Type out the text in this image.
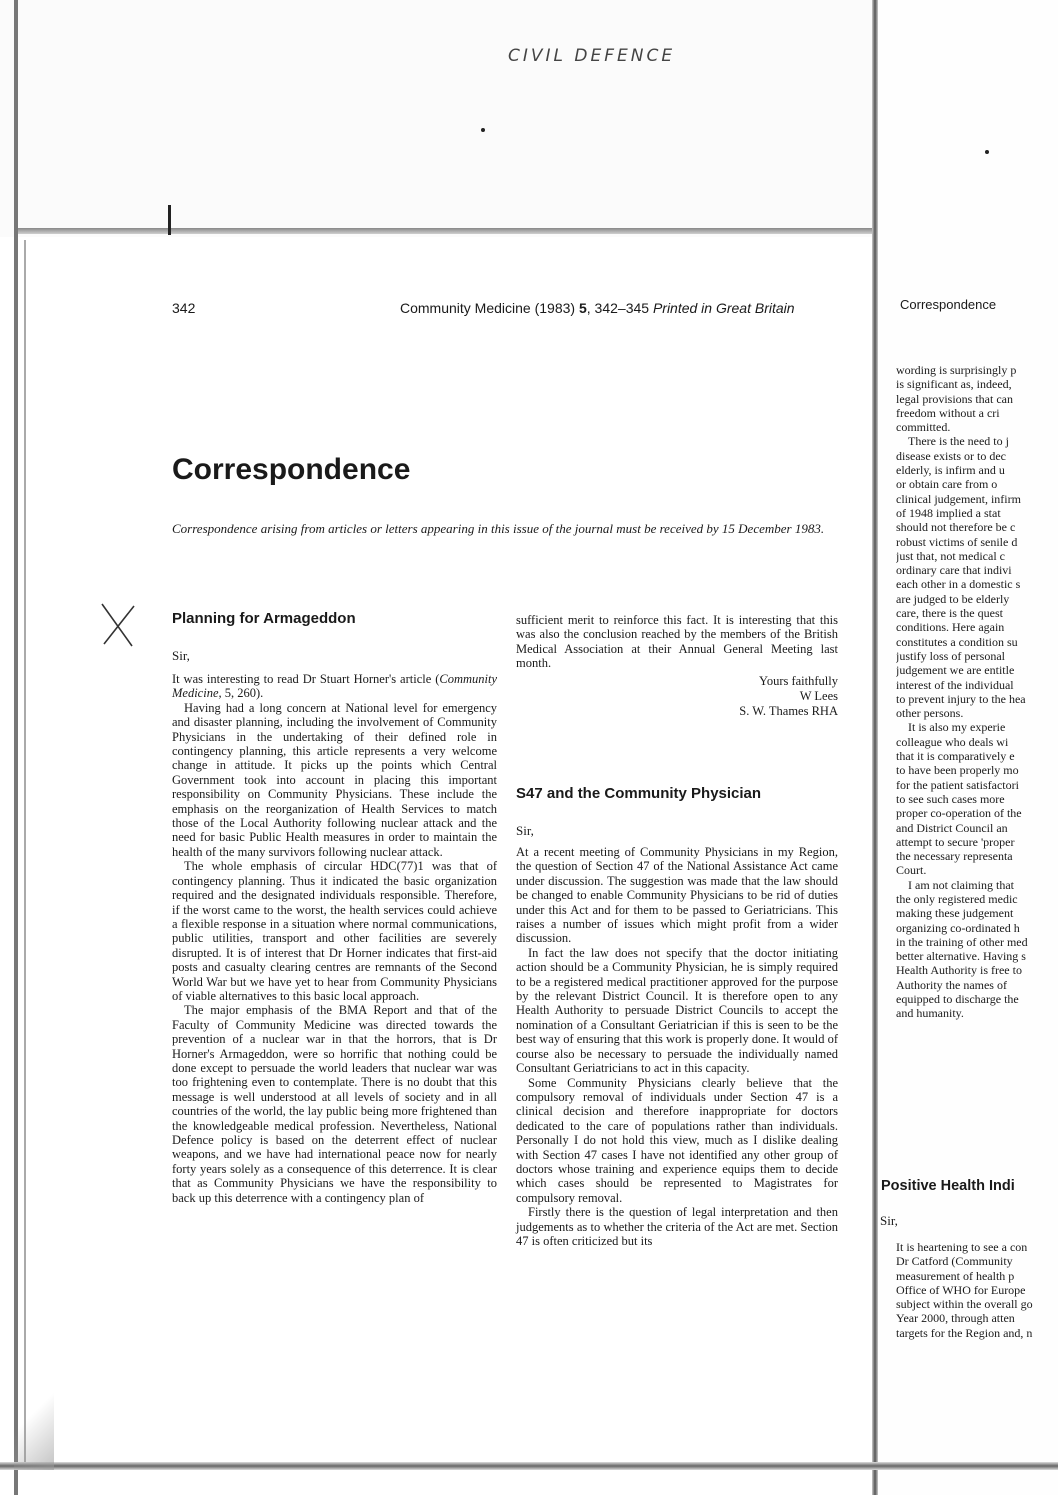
CIVIL DEFENCE
342	Community Medicine (1983) 5, 342–345 Printed in Great Britain	Correspondence
Correspondence

Correspondence arising from articles or letters appearing in this issue of the journal must be received by 15 December 1983.

Planning for Armageddon
Sir,

It was interesting to read Dr Stuart Horner's article (Community Medicine, 5, 260).

Having had a long concern at National level for emergency and disaster planning, including the involvement of Community Physicians in the undertaking of their defined role in contingency planning, this article represents a very welcome change in attitude. It picks up the points which Central Government took into account in placing this important responsibility on Community Physicians. These include the emphasis on the reorganization of Health Services to match those of the Local Authority following nuclear attack and the need for basic Public Health measures in order to maintain the health of the many survivors following nuclear attack.

The whole emphasis of circular HDC(77)1 was that of contingency planning. Thus it indicated the basic organization required and the designated individuals responsible. Therefore, if the worst came to the worst, the health services could achieve a flexible response in a situation where normal communications, public utilities, transport and other facilities are severely disrupted. It is of interest that Dr Horner indicates that first-aid posts and casualty clearing centres are remnants of the Second World War but we have yet to hear from Community Physicians of viable alternatives to this basic local approach.

The major emphasis of the BMA Report and that of the Faculty of Community Medicine was directed towards the prevention of a nuclear war in that the horrors, that is Dr Horner's Armageddon, were so horrific that nothing could be done except to persuade the world leaders that nuclear war was too frightening even to contemplate. There is no doubt that this message is well understood at all levels of society and in all countries of the world, the lay public being more frightened than the knowledgeable medical profession. Nevertheless, National Defence policy is based on the deterrent effect of nuclear weapons, and we have had international peace now for nearly forty years solely as a consequence of this deterrence. It is clear that as Community Physicians we have the responsibility to back up this deterrence with a contingency plan of

sufficient merit to reinforce this fact. It is interesting that this was also the conclusion reached by the members of the British Medical Association at their Annual General Meeting last month.

Yours faithfully
W Lees
S. W. Thames RHA
S47 and the Community Physician
Sir,

At a recent meeting of Community Physicians in my Region, the question of Section 47 of the National Assistance Act came under discussion. The suggestion was made that the law should be changed to enable Community Physicians to be rid of duties under this Act and for them to be passed to Geriatricians. This raises a number of issues which might profit from a wider discussion.

In fact the law does not specify that the doctor initiating action should be a Community Physician, he is simply required to be a registered medical practitioner approved for the purpose by the relevant District Council. It is therefore open to any Health Authority to persuade District Councils to accept the nomination of a Consultant Geriatrician if this is seen to be the best way of ensuring that this work is properly done. It would of course also be necessary to persuade the individually named Consultant Geriatricians to act in this capacity.

Some Community Physicians clearly believe that the compulsory removal of individuals under Section 47 is a clinical decision and therefore inappropriate for doctors dedicated to the care of populations rather than individuals. Personally I do not hold this view, much as I dislike dealing with Section 47 cases I have not identified any other group of doctors whose training and experience equips them to decide which cases should be represented to Magistrates for compulsory removal.

Firstly there is the question of legal interpretation and then judgements as to whether the criteria of the Act are met. Section 47 is often criticized but its

wording is surprisingly p
is significant as, indeed,
legal provisions that can
freedom without a cri
committed.
There is the need to j
disease exists or to dec
elderly, is infirm and u
or obtain care from o
clinical judgement, infirm
of 1948 implied a stat
should not therefore be c
robust victims of senile d
just that, not medical c
ordinary care that indivi
each other in a domestic s
are judged to be elderly
care, there is the quest
conditions. Here again
constitutes a condition su
justify loss of personal
judgement we are entitle
interest of the individual
to prevent injury to the hea
other persons.
It is also my experie
colleague who deals wi
that it is comparatively e
to have been properly mo
for the patient satisfactori
to see such cases more
proper co-operation of the
and District Council an
attempt to secure 'proper
the necessary representa
Court.
I am not claiming that
the only registered medic
making these judgement
organizing co-ordinated h
in the training of other med
better alternative. Having s
Health Authority is free to
Authority the names of
equipped to discharge the
and humanity.
Positive Health Indi
Sir,
It is heartening to see a con
Dr Catford (Community
measurement of health p
Office of WHO for Europe
subject within the overall go
Year 2000, through atten
targets for the Region and, n
